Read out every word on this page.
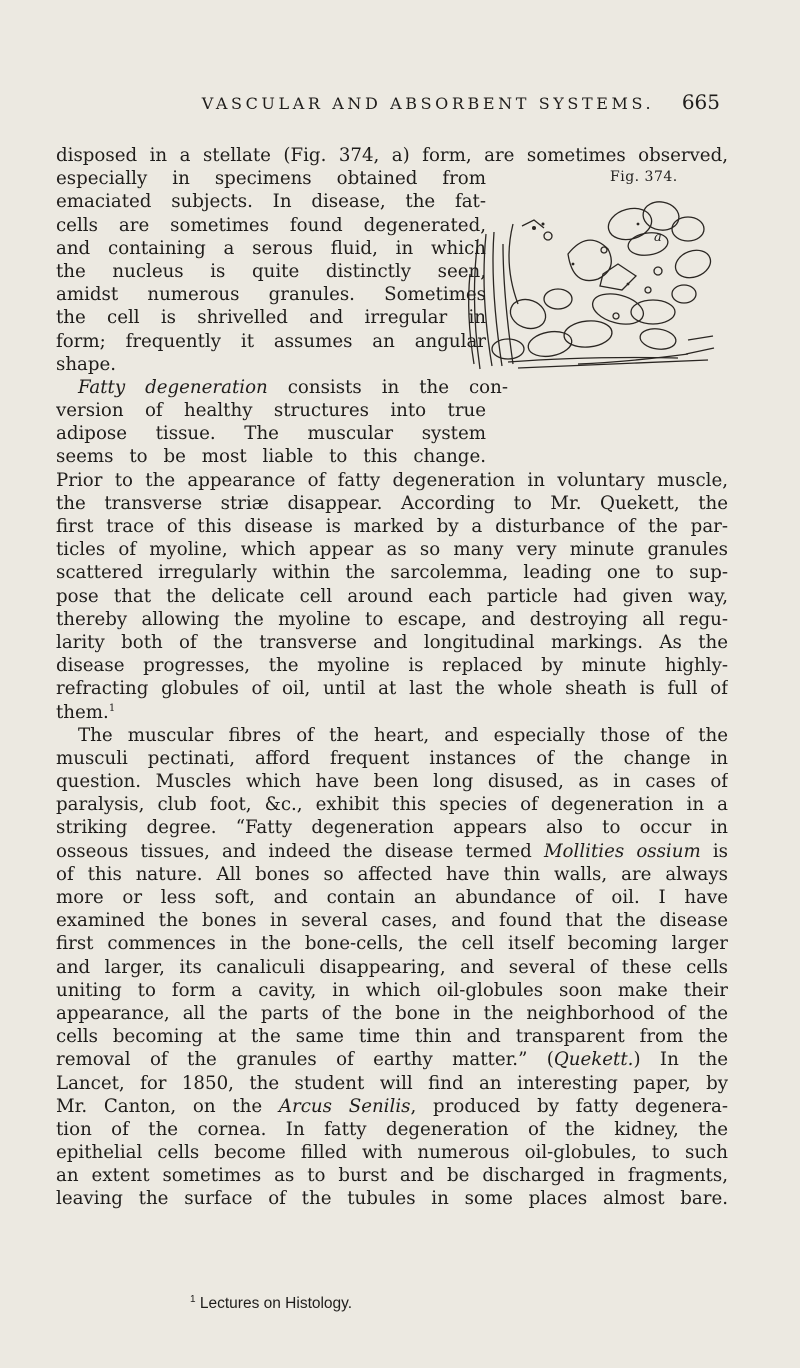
VASCULAR AND ABSORBENT SYSTEMS.	665
Fig. 374.
a
disposed in a stellate (Fig. 374, a) form, are sometimes observed,
especially in specimens obtained from
emaciated subjects. In disease, the fat-
cells are sometimes found degenerated,
and containing a serous fluid, in which
the nucleus is quite distinctly seen,
amidst numerous granules. Sometimes
the cell is shrivelled and irregular in
form; frequently it assumes an angular
shape.
Fatty degeneration consists in the con-
version of healthy structures into true
adipose tissue. The muscular system
seems to be most liable to this change.
Prior to the appearance of fatty degeneration in voluntary muscle,
the transverse striæ disappear. According to Mr. Quekett, the
first trace of this disease is marked by a disturbance of the par-
ticles of myoline, which appear as so many very minute granules
scattered irregularly within the sarcolemma, leading one to sup-
pose that the delicate cell around each particle had given way,
thereby allowing the myoline to escape, and destroying all regu-
larity both of the transverse and longitudinal markings. As the
disease progresses, the myoline is replaced by minute highly-
refracting globules of oil, until at last the whole sheath is full of
them.$^1$
The muscular fibres of the heart, and especially those of the
musculi pectinati, afford frequent instances of the change in
question. Muscles which have been long disused, as in cases of
paralysis, club foot, &c., exhibit this species of degeneration in a
striking degree. “Fatty degeneration appears also to occur in
osseous tissues, and indeed the disease termed Mollities ossium is
of this nature. All bones so affected have thin walls, are always
more or less soft, and contain an abundance of oil. I have
examined the bones in several cases, and found that the disease
first commences in the bone-cells, the cell itself becoming larger
and larger, its canaliculi disappearing, and several of these cells
uniting to form a cavity, in which oil-globules soon make their
appearance, all the parts of the bone in the neighborhood of the
cells becoming at the same time thin and transparent from the
removal of the granules of earthy matter.” (Quekett.) In the
Lancet, for 1850, the student will find an interesting paper, by
Mr. Canton, on the Arcus Senilis, produced by fatty degenera-
tion of the cornea. In fatty degeneration of the kidney, the
epithelial cells become filled with numerous oil-globules, to such
an extent sometimes as to burst and be discharged in fragments,
leaving the surface of the tubules in some places almost bare.
$^1$ Lectures on Histology.
